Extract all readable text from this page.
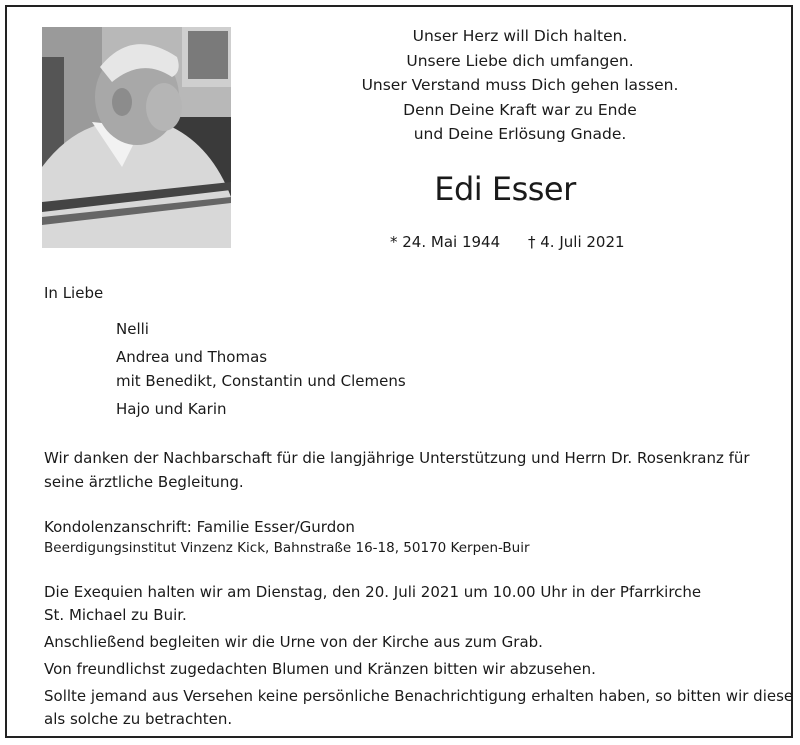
Unser Herz will Dich halten.
Unsere Liebe dich umfangen.
Unser Verstand muss Dich gehen lassen.
Denn Deine Kraft war zu Ende
und Deine Erlösung Gnade.
Edi Esser
* 24. Mai 1944 † 4. Juli 2021
In Liebe
Nelli
Andrea und Thomas
mit Benedikt, Constantin und Clemens
Hajo und Karin
Wir danken der Nachbarschaft für die langjährige Unterstützung und Herrn Dr. Rosenkranz für
seine ärztliche Begleitung.
Kondolenzanschrift: Familie Esser/Gurdon
Beerdigungsinstitut Vinzenz Kick, Bahnstraße 16-18, 50170 Kerpen-Buir
Die Exequien halten wir am Dienstag, den 20. Juli 2021 um 10.00 Uhr in der Pfarrkirche
St. Michael zu Buir.
Anschließend begleiten wir die Urne von der Kirche aus zum Grab.
Von freundlichst zugedachten Blumen und Kränzen bitten wir abzusehen.
Sollte jemand aus Versehen keine persönliche Benachrichtigung erhalten haben, so bitten wir diese
als solche zu betrachten.
